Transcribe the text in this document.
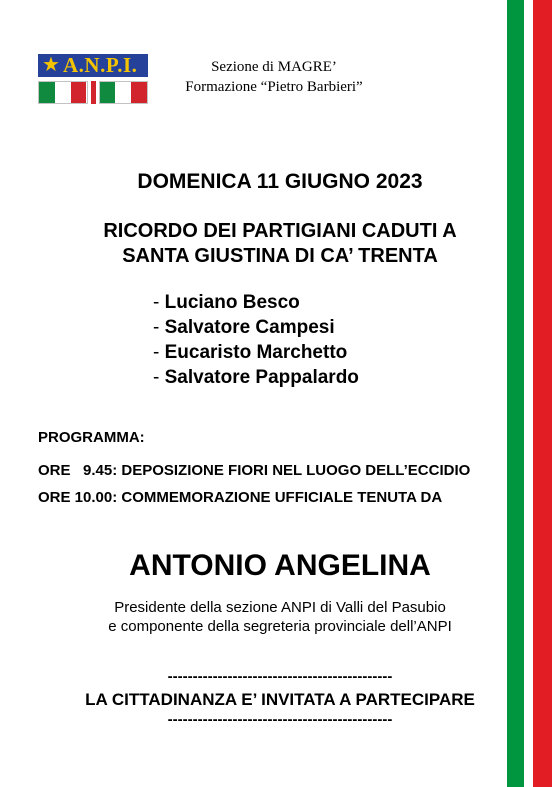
★ A.N.P.I.	Sezione di MAGRE’
Formazione “Pietro Barbieri”
DOMENICA 11 GIUGNO 2023
RICORDO DEI PARTIGIANI CADUTI A
SANTA GIUSTINA DI CA’ TRENTA
- Luciano Besco
- Salvatore Campesi
- Eucaristo Marchetto
- Salvatore Pappalardo
PROGRAMMA:
ORE   9.45: DEPOSIZIONE FIORI NEL LUOGO DELL’ECCIDIO
ORE 10.00: COMMEMORAZIONE UFFICIALE TENUTA DA
ANTONIO ANGELINA
Presidente della sezione ANPI di Valli del Pasubio
e componente della segreteria provinciale dell’ANPI
---------------------------------------------
LA CITTADINANZA E’ INVITATA A PARTECIPARE
---------------------------------------------
